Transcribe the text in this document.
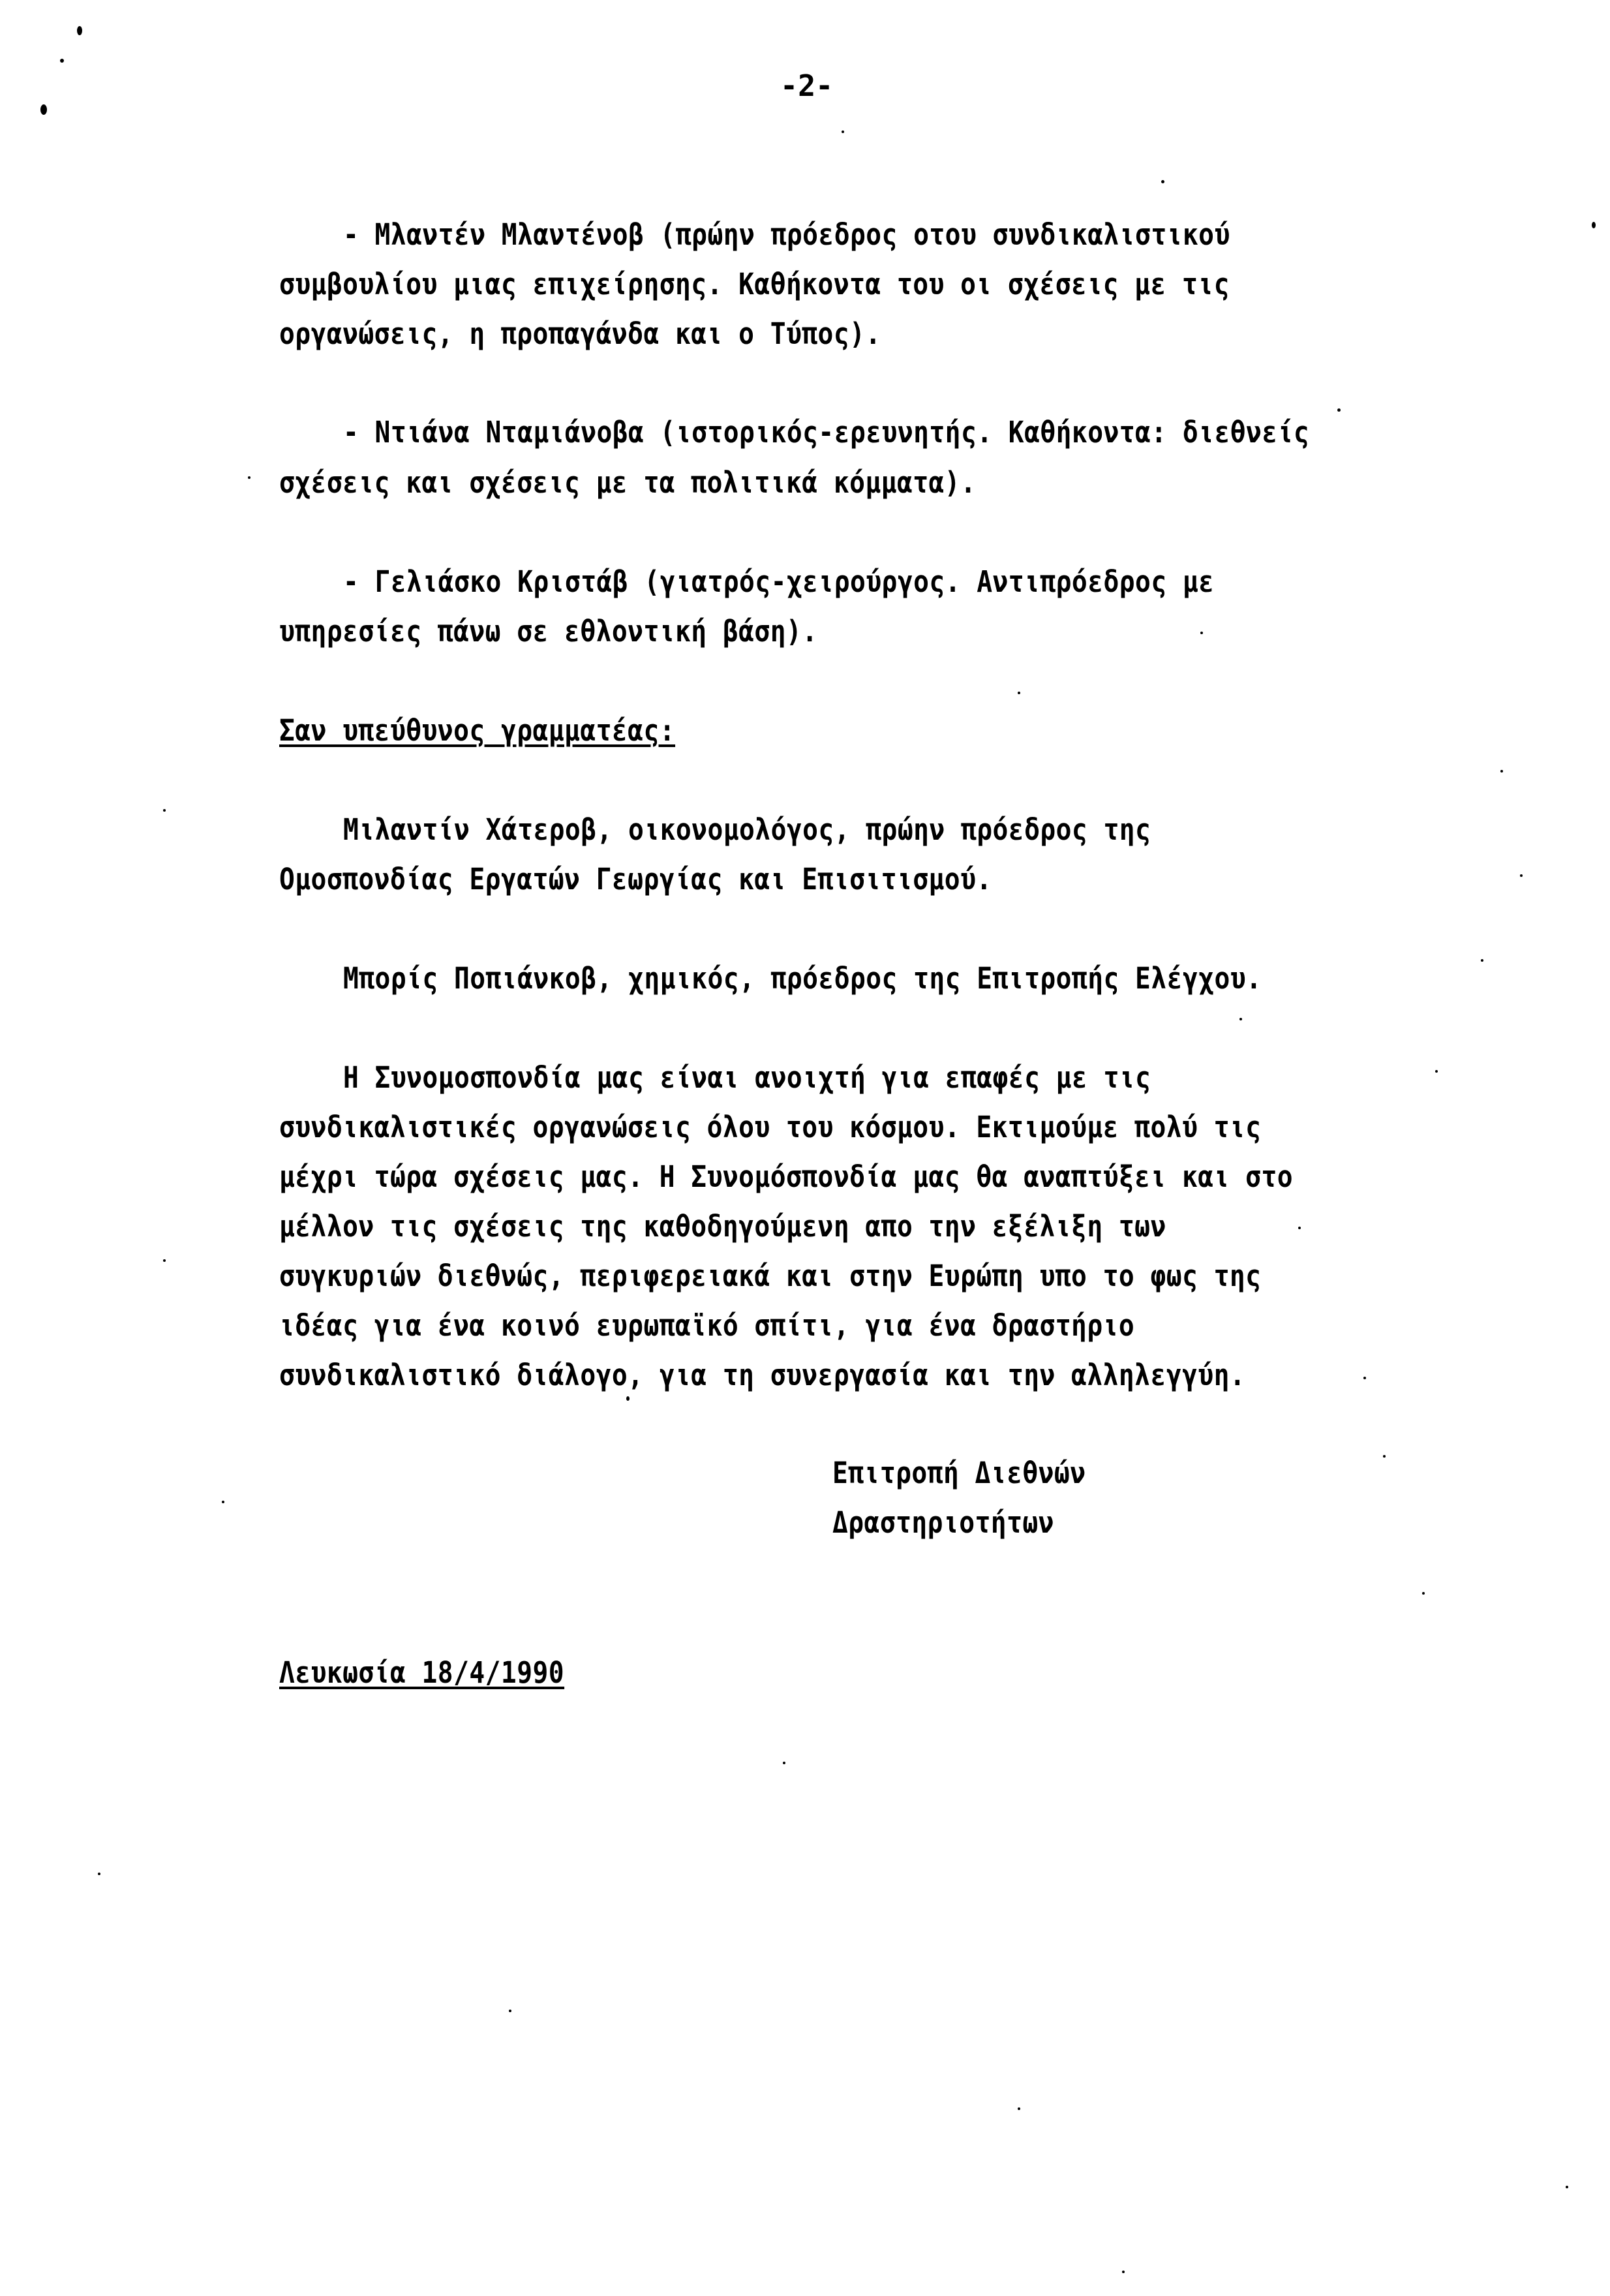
-2-
- Μλαντέν Μλαντένοβ (πρώην πρόεδρος οτου συνδικαλιστικού
συμβουλίου μιας επιχείρησης. Καθήκοντα του οι σχέσεις με τις
οργανώσεις, η προπαγάνδα και ο Τύπος).
- Ντιάνα Νταμιάνοβα (ιστορικός-ερευνητής. Καθήκοντα: διεθνείς
σχέσεις και σχέσεις με τα πολιτικά κόμματα).
- Γελιάσκο Κριστάβ (γιατρός-χειρούργος. Αντιπρόεδρος με
υπηρεσίες πάνω σε εθλοντική βάση).
Σαν υπεύθυνος γραμματέας:
Μιλαντίν Χάτεροβ, οικονομολόγος, πρώην πρόεδρος της
Ομοσπονδίας Εργατών Γεωργίας και Επισιτισμού.
Μπορίς Ποπιάνκοβ, χημικός, πρόεδρος της Επιτροπής Ελέγχου.
Η Συνομοσπονδία μας είναι ανοιχτή για επαφές με τις
συνδικαλιστικές οργανώσεις όλου του κόσμου. Εκτιμούμε πολύ τις
μέχρι τώρα σχέσεις μας. Η Συνομόσπονδία μας θα αναπτύξει και στο
μέλλον τις σχέσεις της καθοδηγούμενη απο την εξέλιξη των
συγκυριών διεθνώς, περιφερειακά και στην Ευρώπη υπο το φως της
ιδέας για ένα κοινό ευρωπαϊκό σπίτι, για ένα δραστήριο
συνδικαλιστικό διάλογο, για τη συνεργασία και την αλληλεγγύη.
Επιτροπή Διεθνών
Δραστηριοτήτων
Λευκωσία 18/4/1990
